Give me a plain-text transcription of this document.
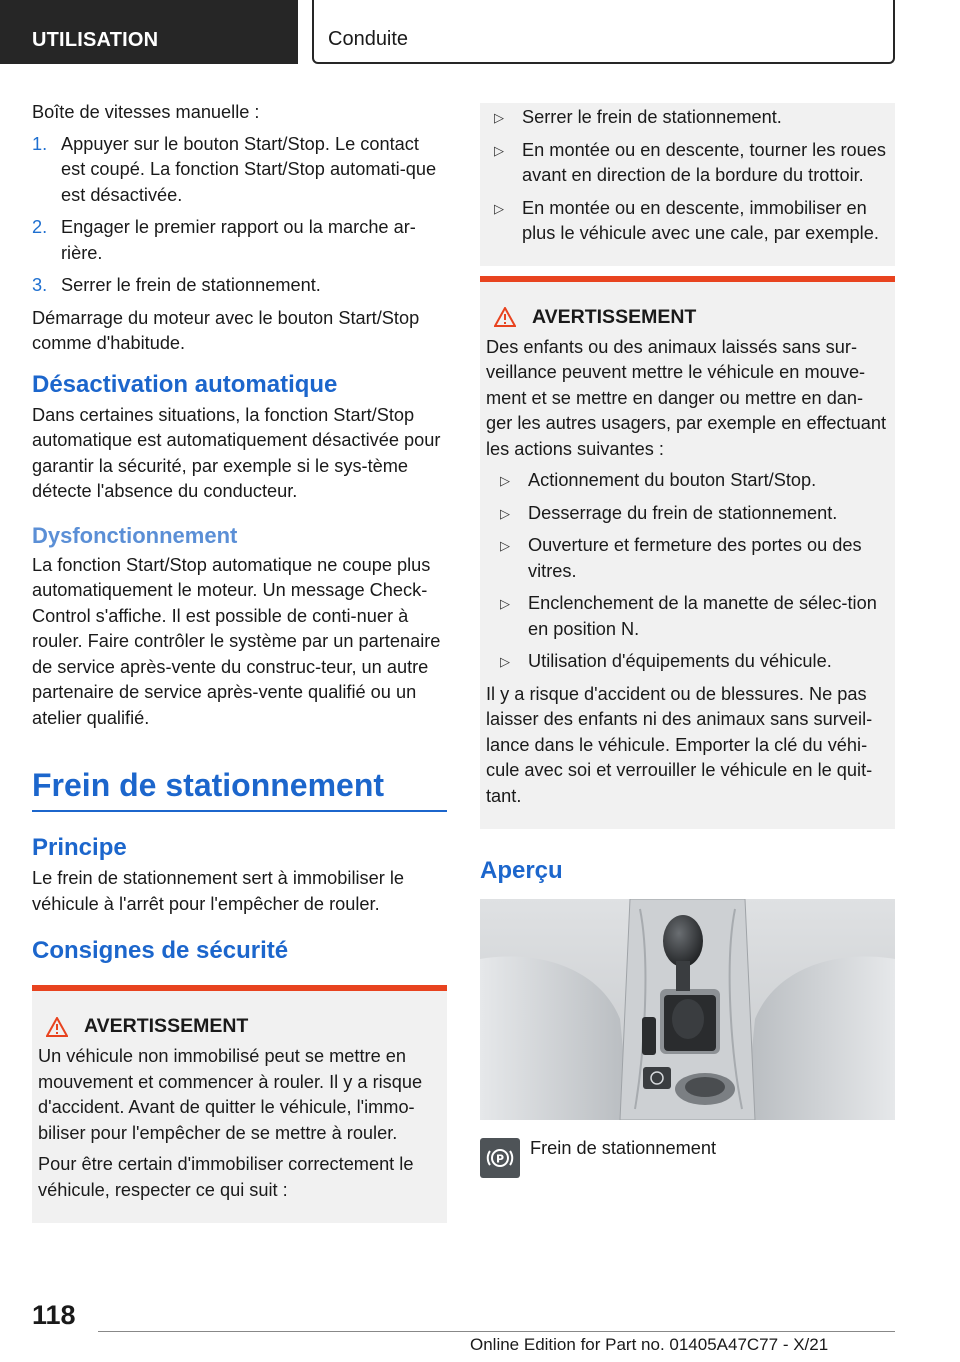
UTILISATION	Conduite

Boîte de vitesses manuelle :

1. Appuyer sur le bouton Start/Stop. Le contact est coupé. La fonction Start/Stop automati-que est désactivée.
2. Engager le premier rapport ou la marche ar-rière.
3. Serrer le frein de stationnement.

Démarrage du moteur avec le bouton Start/Stop comme d'habitude.

Désactivation automatique

Dans certaines situations, la fonction Start/Stop automatique est automatiquement désactivée pour garantir la sécurité, par exemple si le sys-tème détecte l'absence du conducteur.

Dysfonctionnement

La fonction Start/Stop automatique ne coupe plus automatiquement le moteur. Un message Check-Control s'affiche. Il est possible de conti-nuer à rouler. Faire contrôler le système par un partenaire de service après-vente du construc-teur, un autre partenaire de service après-vente qualifié ou un atelier qualifié.

Frein de stationnement
Principe

Le frein de stationnement sert à immobiliser le véhicule à l'arrêt pour l'empêcher de rouler.

Consignes de sécurité
AVERTISSEMENT

Un véhicule non immobilisé peut se mettre en mouvement et commencer à rouler. Il y a risque d'accident. Avant de quitter le véhicule, l'immo-biliser pour l'empêcher de se mettre à rouler.

Pour être certain d'immobiliser correctement le véhicule, respecter ce qui suit :

▷ Serrer le frein de stationnement.
▷ En montée ou en descente, tourner les roues avant en direction de la bordure du trottoir.
▷ En montée ou en descente, immobiliser en plus le véhicule avec une cale, par exemple.
AVERTISSEMENT

Des enfants ou des animaux laissés sans sur-veillance peuvent mettre le véhicule en mouve-ment et se mettre en danger ou mettre en dan-ger les autres usagers, par exemple en effectuant les actions suivantes :

▷ Actionnement du bouton Start/Stop.
▷ Desserrage du frein de stationnement.
▷ Ouverture et fermeture des portes ou des vitres.
▷ Enclenchement de la manette de sélec-tion en position N.
▷ Utilisation d'équipements du véhicule.

Il y a risque d'accident ou de blessures. Ne pas laisser des enfants ni des animaux sans surveil-lance dans le véhicule. Emporter la clé du véhi-cule avec soi et verrouiller le véhicule en le quit-tant.

Aperçu
P
Frein de stationnement
118
Online Edition for Part no. 01405A47C77 - X/21
